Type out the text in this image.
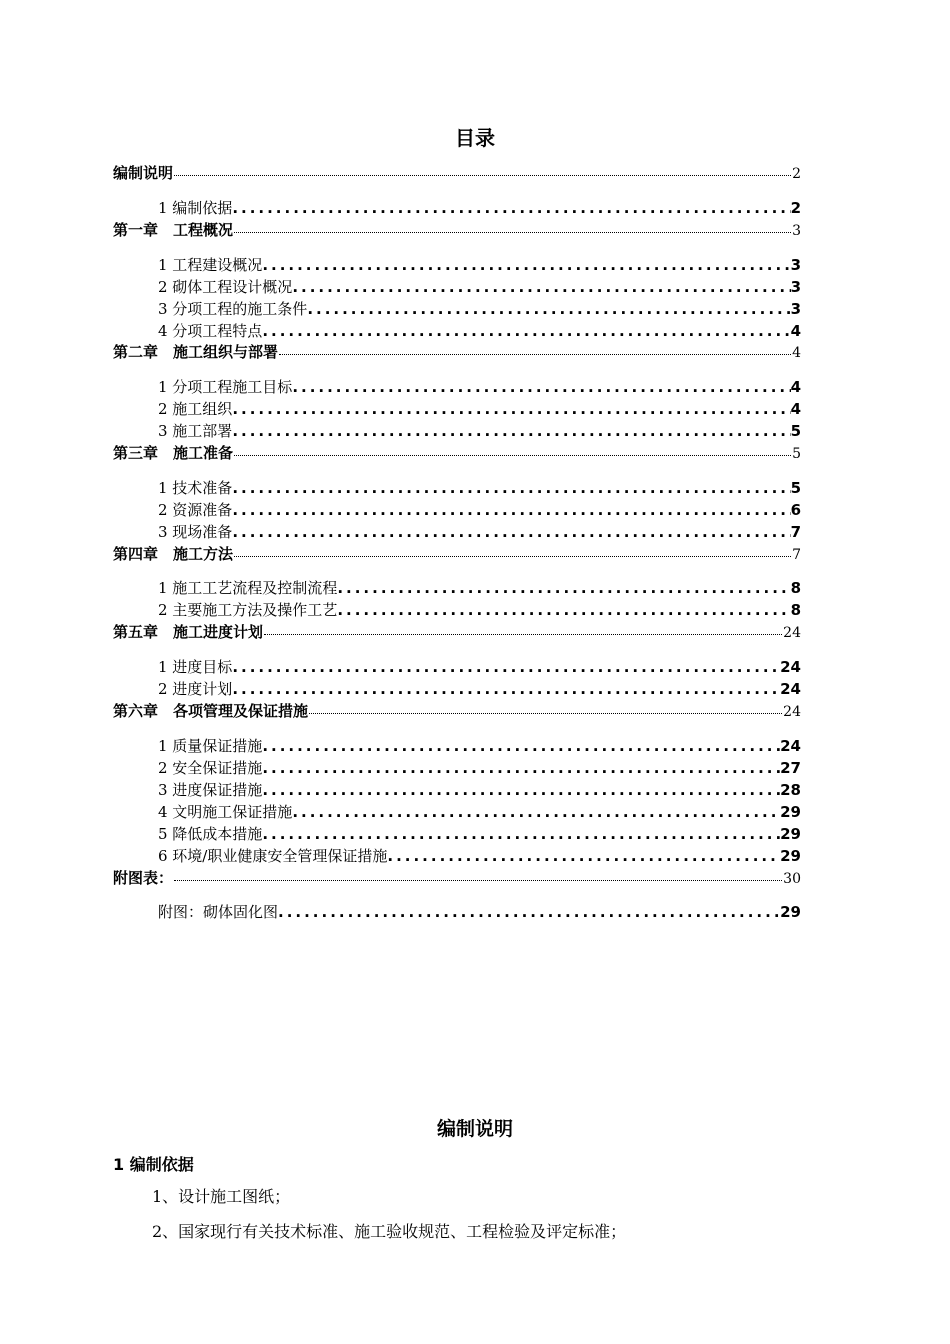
目录
编制说明	2
1 编制依据 .....	2
第一章　工程概况	3
1 工程建设概况 .....	3
2 砌体工程设计概况 .....	3
3 分项工程的施工条件 .....	3
4 分项工程特点 .....	4
第二章　施工组织与部署	4
1 分项工程施工目标 .....	4
2 施工组织 .....	4
3 施工部署 .....	5
第三章　施工准备	5
1 技术准备 .....	5
2 资源准备 .....	6
3 现场准备 .....	7
第四章　施工方法	7
1 施工工艺流程及控制流程 .....	8
2 主要施工方法及操作工艺 .....	8
第五章　施工进度计划	24
1 进度目标 .....	24
2 进度计划 .....	24
第六章　各项管理及保证措施	24
1 质量保证措施 .....	24
2 安全保证措施 .....	27
3 进度保证措施 .....	28
4 文明施工保证措施 .....	29
5 降低成本措施 .....	29
6 环境/职业健康安全管理保证措施 .....	29
附图表：	30
附图：砌体固化图 .....	29
编制说明
1 编制依据
1、设计施工图纸；
2、国家现行有关技术标准、施工验收规范、工程检验及评定标准；
